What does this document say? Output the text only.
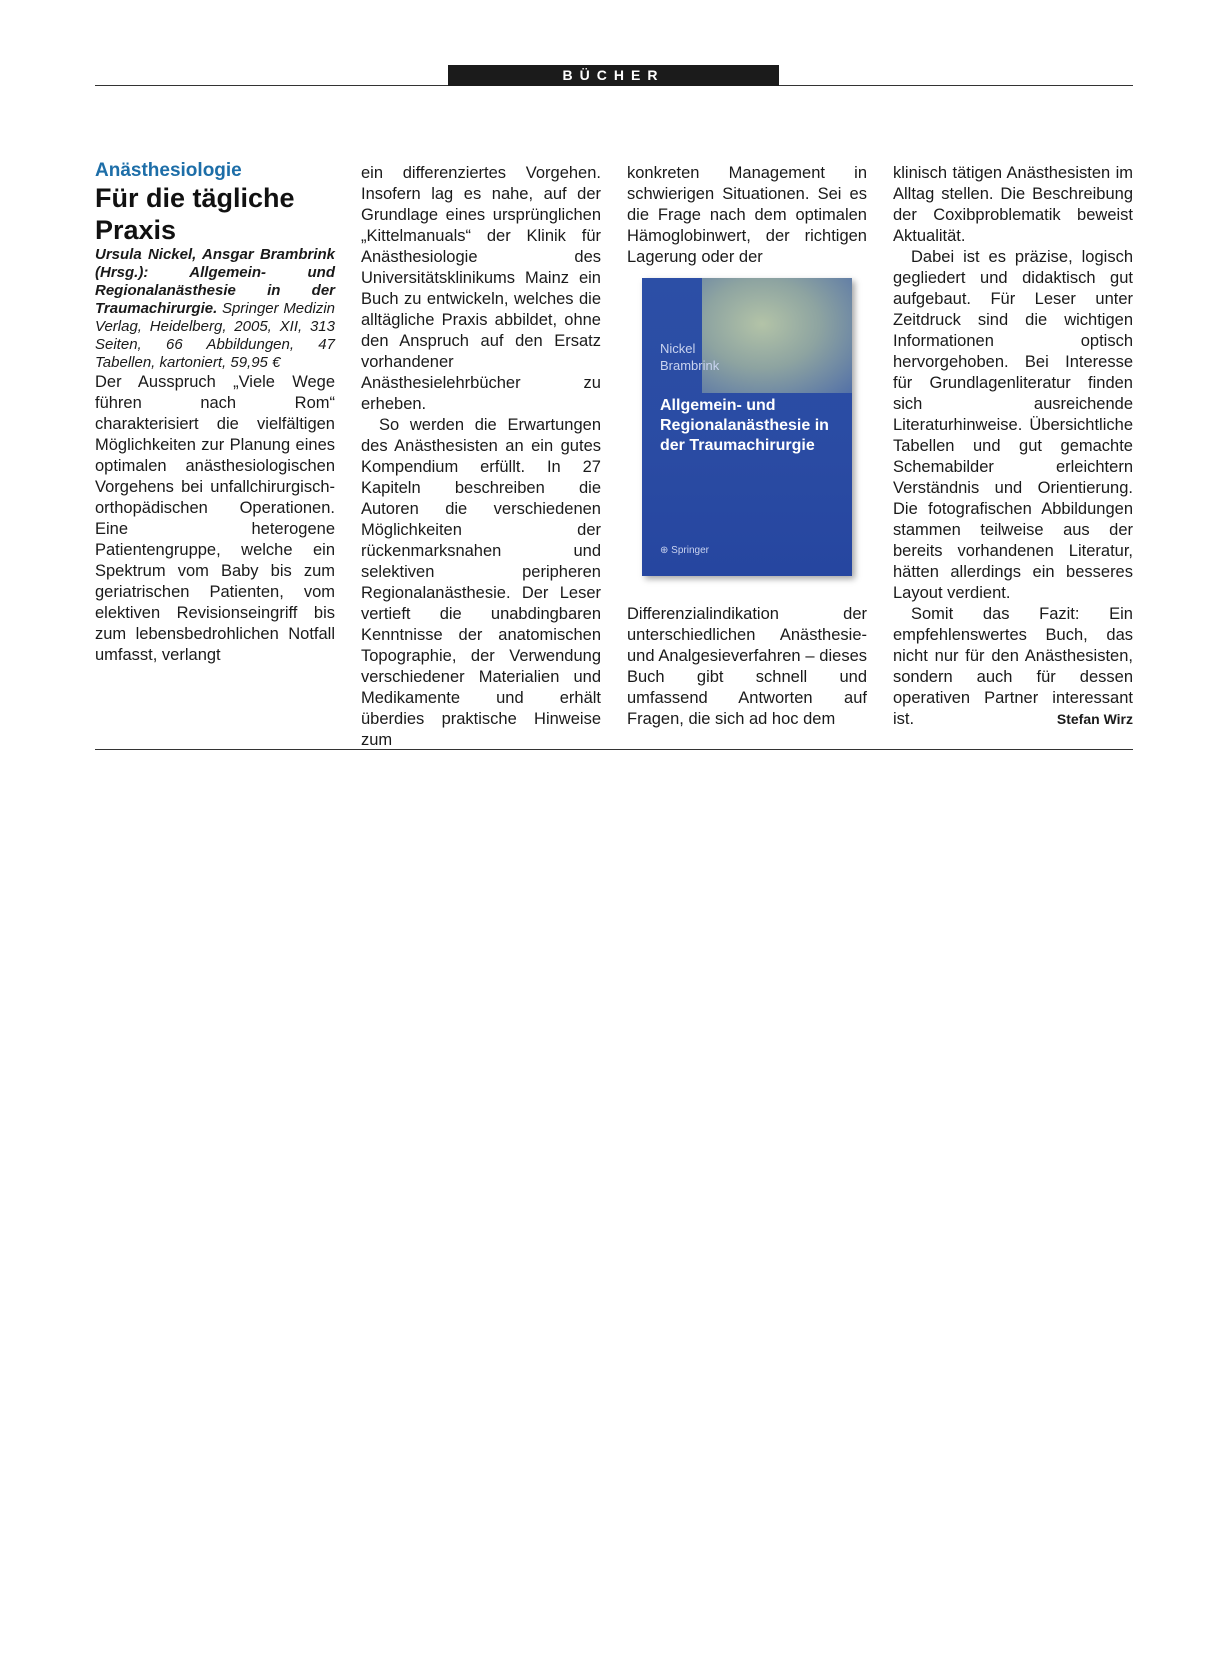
BÜCHER

Anästhesiologie

Für die tägliche Praxis

Ursula Nickel, Ansgar Brambrink (Hrsg.): Allgemein- und Regionalanästhesie in der Traumachirurgie. Springer Medizin Verlag, Heidelberg, 2005, XII, 313 Seiten, 66 Abbildungen, 47 Tabellen, kartoniert, 59,95 €

Der Ausspruch „Viele Wege führen nach Rom“ charakterisiert die vielfältigen Möglichkeiten zur Planung eines optimalen anästhesiologischen Vorgehens bei unfallchirurgisch-orthopädischen Operationen. Eine heterogene Patientengruppe, welche ein Spektrum vom Baby bis zum geriatrischen Patienten, vom elektiven Revisionseingriff bis zum lebensbedrohlichen Notfall umfasst, verlangt

ein differenziertes Vorgehen. Insofern lag es nahe, auf der Grundlage eines ursprünglichen „Kittelmanuals“ der Klinik für Anästhesiologie des Universitätsklinikums Mainz ein Buch zu entwickeln, welches die alltägliche Praxis abbildet, ohne den Anspruch auf den Ersatz vorhandener Anästhesielehrbücher zu erheben.

So werden die Erwartungen des Anästhesisten an ein gutes Kompendium erfüllt. In 27 Kapiteln beschreiben die Autoren die verschiedenen Möglichkeiten der rückenmarksnahen und selektiven peripheren Regionalanästhesie. Der Leser vertieft die unabdingbaren Kenntnisse der anatomischen Topographie, der Verwendung verschiedener Materialien und Medikamente und erhält überdies praktische Hinweise zum

konkreten Management in schwierigen Situationen. Sei es die Frage nach dem optimalen Hämoglobinwert, der richtigen Lagerung oder der

Nickel
Brambrink
Allgemein- und Regionalanästhesie in der Traumachirurgie
⊕ Springer

Differenzialindikation der unterschiedlichen Anästhesie- und Analgesieverfahren – dieses Buch gibt schnell und umfassend Antworten auf Fragen, die sich ad hoc dem

klinisch tätigen Anästhesisten im Alltag stellen. Die Beschreibung der Coxibproblematik beweist Aktualität.

Dabei ist es präzise, logisch gegliedert und didaktisch gut aufgebaut. Für Leser unter Zeitdruck sind die wichtigen Informationen optisch hervorgehoben. Bei Interesse für Grundlagenliteratur finden sich ausreichende Literaturhinweise. Übersichtliche Tabellen und gut gemachte Schemabilder erleichtern Verständnis und Orientierung. Die fotografischen Abbildungen stammen teilweise aus der bereits vorhandenen Literatur, hätten allerdings ein besseres Layout verdient.

Somit das Fazit: Ein empfehlenswertes Buch, das nicht nur für den Anästhesisten, sondern auch für dessen operativen Partner interessant ist.	Stefan Wirz
